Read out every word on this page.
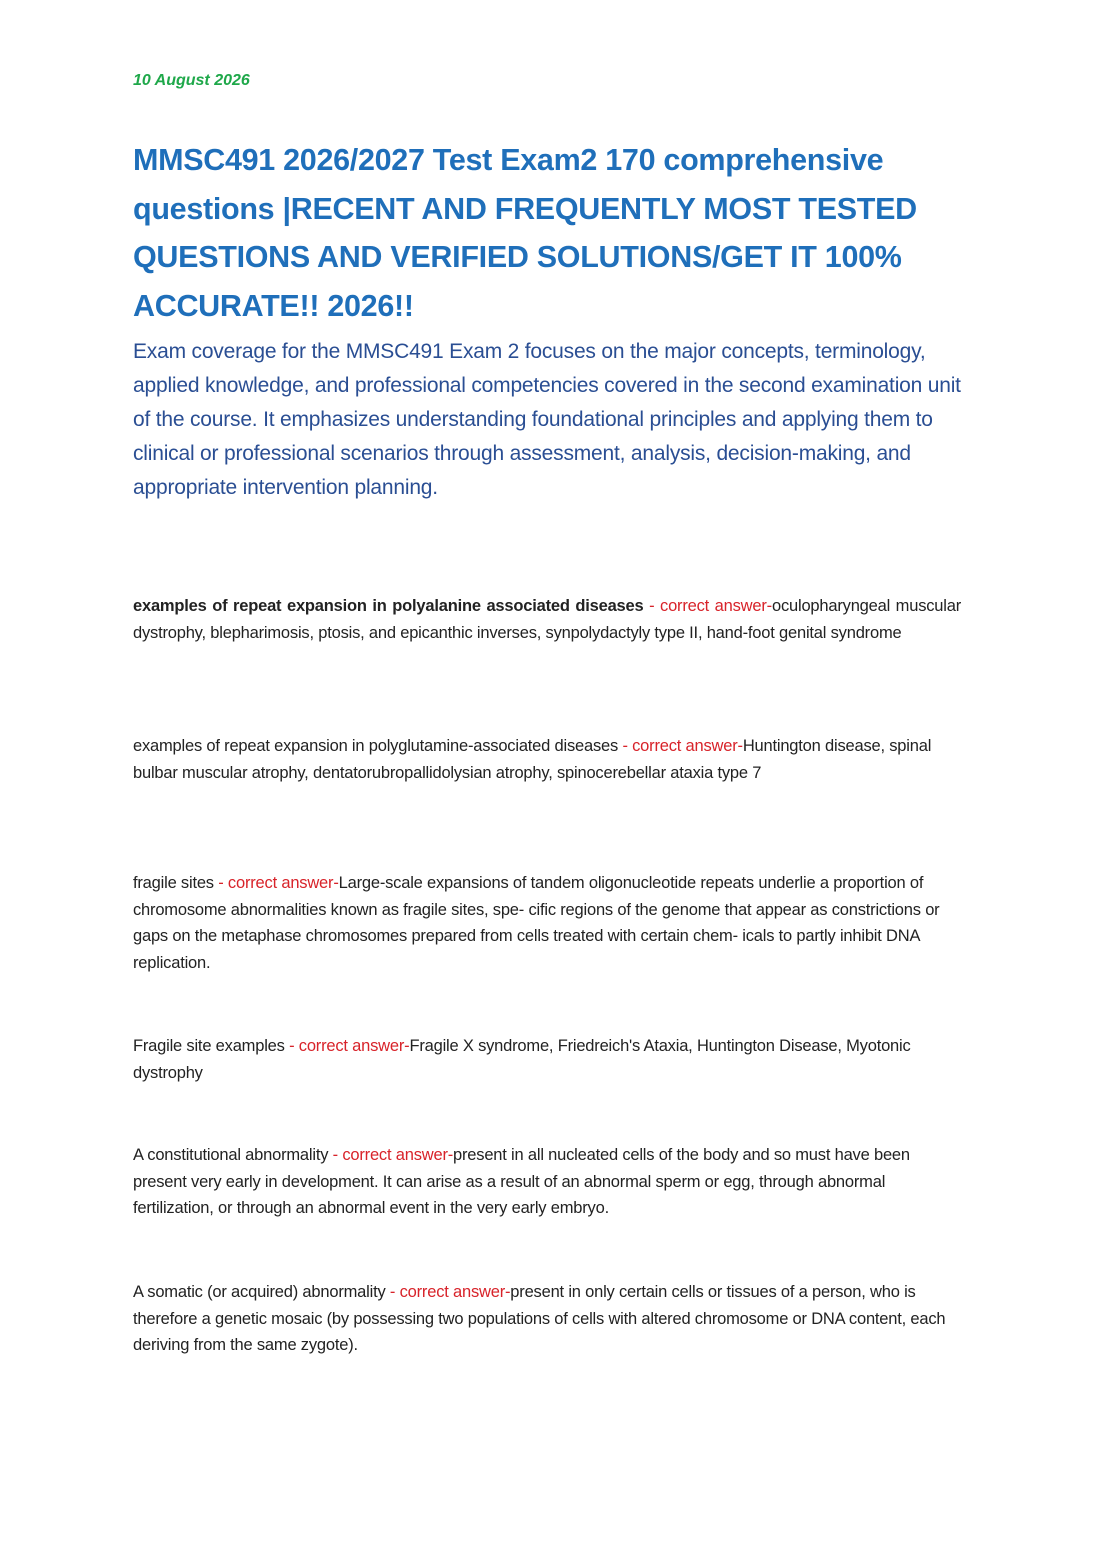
10 August 2026
MMSC491 2026/2027 Test Exam2 170 comprehensive questions |RECENT AND FREQUENTLY MOST TESTED QUESTIONS AND VERIFIED SOLUTIONS/GET IT 100% ACCURATE!! 2026!!

Exam coverage for the MMSC491 Exam 2 focuses on the major concepts, terminology, applied knowledge, and professional competencies covered in the second examination unit of the course. It emphasizes understanding foundational principles and applying them to clinical or professional scenarios through assessment, analysis, decision-making, and appropriate intervention planning.

examples of repeat expansion in polyalanine associated diseases - correct answer-oculopharyngeal muscular dystrophy, blepharimosis, ptosis, and epicanthic inverses, synpolydactyly type II, hand-foot genital syndrome

examples of repeat expansion in polyglutamine-associated diseases - correct answer-Huntington disease, spinal bulbar muscular atrophy, dentatorubropallidolysian atrophy, spinocerebellar ataxia type 7

fragile sites - correct answer-Large-scale expansions of tandem oligonucleotide repeats underlie a proportion of chromosome abnormalities known as fragile sites, spe- cific regions of the genome that appear as constrictions or gaps on the metaphase chromosomes prepared from cells treated with certain chem- icals to partly inhibit DNA replication.

Fragile site examples - correct answer-Fragile X syndrome, Friedreich's Ataxia, Huntington Disease, Myotonic dystrophy

A constitutional abnormality - correct answer-present in all nucleated cells of the body and so must have been present very early in development. It can arise as a result of an abnormal sperm or egg, through abnormal fertilization, or through an abnormal event in the very early embryo.

A somatic (or acquired) abnormality - correct answer-present in only certain cells or tissues of a person, who is therefore a genetic mosaic (by possessing two populations of cells with altered chromosome or DNA content, each deriving from the same zygote).
